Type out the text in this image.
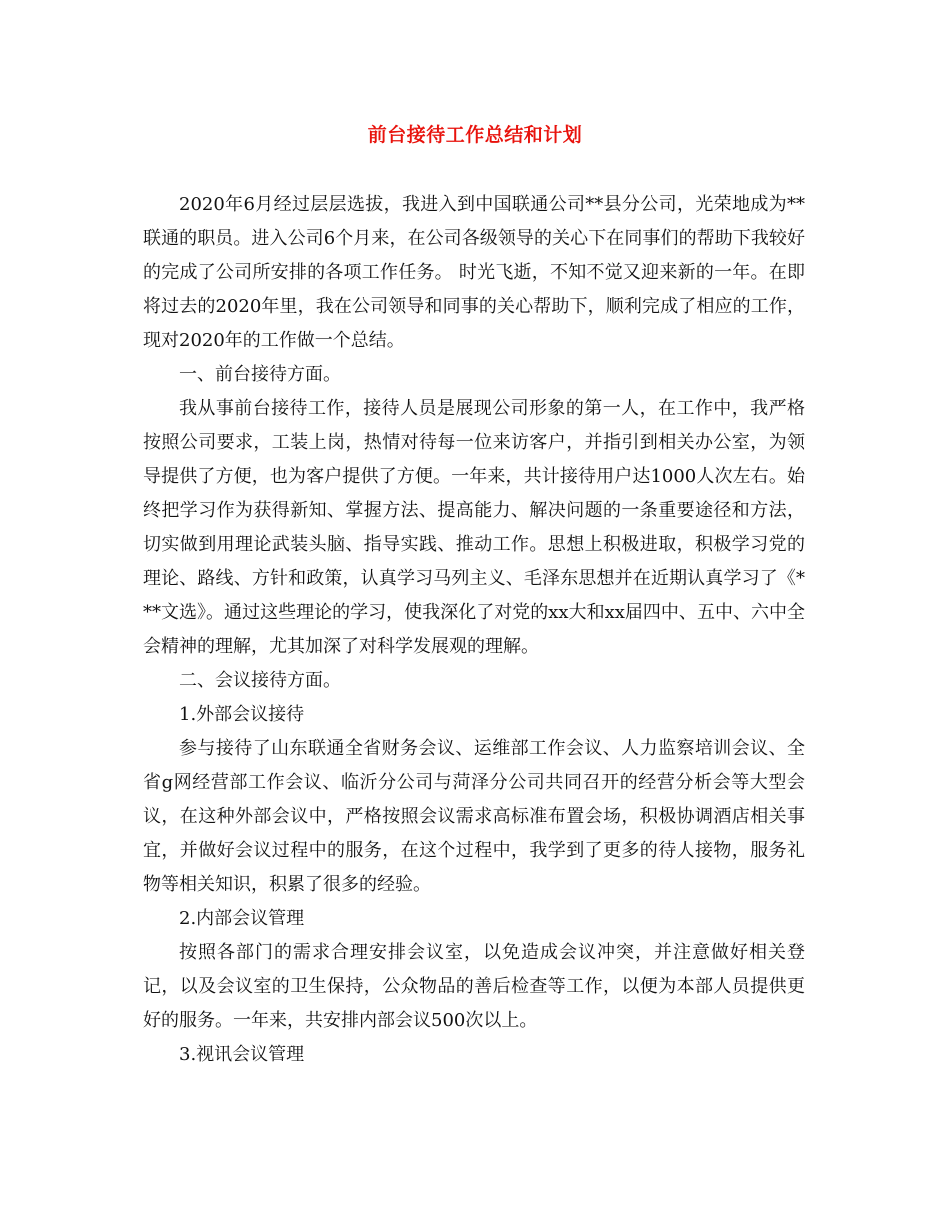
前台接待工作总结和计划

2020年6月经过层层选拔，我进入到中国联通公司**县分公司，光荣地成为**联通的职员。进入公司6个月来，在公司各级领导的关心下在同事们的帮助下我较好的完成了公司所安排的各项工作任务。 时光飞逝，不知不觉又迎来新的一年。在即将过去的2020年里，我在公司领导和同事的关心帮助下，顺利完成了相应的工作，现对2020年的工作做一个总结。

一、前台接待方面。

我从事前台接待工作，接待人员是展现公司形象的第一人，在工作中，我严格按照公司要求，工装上岗，热情对待每一位来访客户，并指引到相关办公室，为领导提供了方便，也为客户提供了方便。一年来，共计接待用户达1000人次左右。始终把学习作为获得新知、掌握方法、提高能力、解决问题的一条重要途径和方法，切实做到用理论武装头脑、指导实践、推动工作。思想上积极进取，积极学习党的理论、路线、方针和政策，认真学习马列主义、毛泽东思想并在近期认真学习了《***文选》。通过这些理论的学习，使我深化了对党的xx大和xx届四中、五中、六中全会精神的理解，尤其加深了对科学发展观的理解。

二、会议接待方面。

1.外部会议接待

参与接待了山东联通全省财务会议、运维部工作会议、人力监察培训会议、全省g网经营部工作会议、临沂分公司与菏泽分公司共同召开的经营分析会等大型会议，在这种外部会议中，严格按照会议需求高标准布置会场，积极协调酒店相关事宜，并做好会议过程中的服务，在这个过程中，我学到了更多的待人接物，服务礼物等相关知识，积累了很多的经验。

2.内部会议管理

按照各部门的需求合理安排会议室，以免造成会议冲突，并注意做好相关登记，以及会议室的卫生保持，公众物品的善后检查等工作，以便为本部人员提供更好的服务。一年来，共安排内部会议500次以上。

3.视讯会议管理
